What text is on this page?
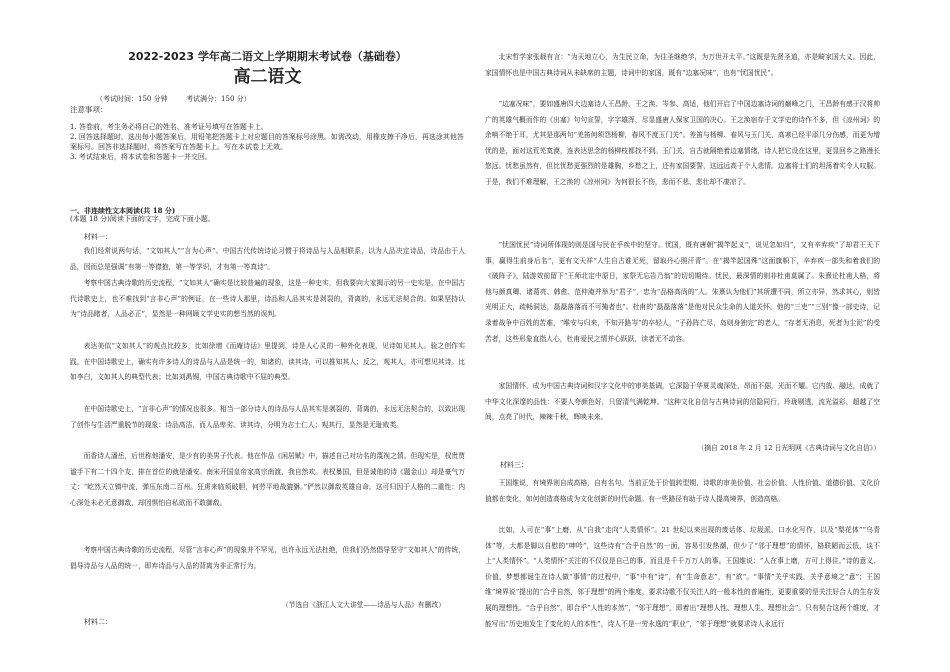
2022-2023 学年高二语文上学期期末考试卷（基础卷）
高二语文
（考试时间：150 分钟	考试满分：150 分）
注意事项：
1. 答卷前，考生务必将自己的姓名、准考证号填写在答题卡上。
2. 回答选择题时，选出每小题答案后，用铅笔把答题卡上对应题目的答案标号涂黑。如需改动，用橡皮擦干净后，再选涂其他答案标号。回答非选择题时，将答案写在答题卡上。写在本试卷上无效。
3. 考试结束后，将本试卷和答题卡一并交回。
一、非连续性文本阅读(共 18 分)
(本题 18 分)阅读下面的文字，完成下面小题。
材料一：

我们经常说两句话，“文如其人”“言为心声”。中国古代传统诗论习惯于将诗品与人品相联系，以为人品决定诗品，诗品由于人品，因而总是强调“有第一等襟抱，第一等学识，才有第一等真诗”。

考察中国古典诗歌的历史流程，“文如其人”确实是比较普遍的现象，这是一种史实，但我要向大家揭示的另一史实是，在中国古代诗歌史上，也不难找到“言非心声”的例证，在一些诗人那里，诗品和人品其实是剥裂的，背离的，永远无法契合的。如果坚持认为“诗品睹者，人品必正”，显然是一种网顾文学史实的想当然的误判。

表达美似“文如其人”的观点比较多，比如徐增《而庵诗话》里提到，诗是人心灵的一种外化表现，见诗如见其人。验之创作实践，在中国诗歌史上，确实有许多诗人的诗品与人品是统一的，知诸的，读其诗，可以推知其人；反之，观其人，亦可想见其诗。比如李白，文如其人的典型代表；比如刘禹锡，中国古典诗歌中不屈的典型。

在中国诗歌史上，“言非心声”的情况也很多。相当一部分诗人的诗品与人品其实是剥裂的，背离的，永远无法契合的，以致出现了创作与生活严重脱节的现象：诗品高洁，而人品卑劣。读其诗，分明为志士仁人；观其行，显然是无耻败类。

而香诗人潘岳，后世称他潘安，是少有的美男子代表。他在作品《闲居赋》中，描述自己对功名的蔑视之情。但现实是，权贵贾谧手下有二十四个友，排在首位的就是潘安。南宋开国皇帝家高宗南渡，我自然欢。表权暴国，但是诚他的诗《题金山》却是豪气万丈：“屹然天立镇中流，弹压东南二百州。狂虏来临须破胆，何劳平地战貔貅。”俨然以御敌英雄自命。这可归因于人格的二重性：内心深处未必无意御敌，却因惧怕自私欲而不敢御敌。

考察中国古典诗歌的历史流程，尽管“言非心声”的现象并不罕见，也许永远无法杜绝，但我们仍然倡导坚守“文如其人”的传统，倡导诗品与人品的统一，即弃诗品与人品的背离为非正常行为。

（节选自《浙江人文大讲堂——诗品与人品》有删改）
材料二：

北宋哲学家张载有言：“为天地立心，为生民立命，为往圣继绝学，为万世开太平。”这既是先贤圣道，亦是畸家国大义。因此，家国情怀也是中国古典诗词从未缺席的主题，诗词中的家国，既有“边塞况味”，也有“忧国忧民”。

“边塞况味”，要如盛唐四大边塞诗人王昌龄、王之涣、岑参、高适，他们开启了中国边塞诗词的巅峰之门，王昌龄有感于汉将帅广的英雄气概而作的《出塞》句句宣誓，字字雄浑，尽显盛唐人保家卫国的决心。王之涣宿存于文学史的诗作不多，但《凉州词》的余响不绝于耳，尤其是那两句“羌笛何须怨杨柳，春风不度玉门关”。差笛与杨柳、春风与玉门关，高寒已经平添几分伤感，而更为增忧的是，面对这荒芜寞漠，连表达思念的杨柳枝都找不到。玉门关，自古就隔绝着边塞情绪，诗人把它设在这里，更显回乡之路漫长悠远。忧愁虽然有，但比忧愁更强烈的是雄胸，乡愁之上，还有家国要誓，这远远高于个人悲情。边塞将士们的坦荡着实令人叹服。于是，我们不难理解，王之涣的《凉州词》为何很长不伤，悲而不悲、悲壮却不凄凉了。

“忧国忧民”诗词所体现的则是国与民在乎疾中的坚守。忧国，既有唐朝“揭竿起义”，说见忽如归”，又有辛弃疾“了却君王天下事，赢得生前身后名”，更有文天祥“人生自古谁无死，留取丹心照汗青”。在“揭竿起国殊”这面旗帜下，辛弃疾一部失和着我们的《破阵子》，陆游效前留下“王师北定中原日，家祭无忘告乃翁”的切切期待。忧民，最深情的则非杜甫莫属了。朱熹论杜甫人格，将他与颜真卿、诸葛亮、韩愈、范仲淹并举为“君子”，忠为“品格高尚的”人。朱熹认为他们“其所遭不同，所立亦异，然求其心，则皆光明正大，疏畅洞达，磊磊落落而不可掩者也”。杜甫的“磊磊落落”是他对民众生命的人道关怀。他的“三吏”“三别”像一部史诗，记录着战争中百姓的苦难，“喉安与归来，不知开路岑”的卒轻人，“子孙阵亡尽，岛则身独完”的老人，“存者无消息，死者为尘泥”的受苦者，这些形象直指人心，杜甫爱民之情并心跃跃，读者无不动容。

家国情怀，成为中国古典诗词和汉字文化中的审美基调，它深隐于华夏灵魂深处，昂而不倨，光而不耀。它内敛、融达，成就了中华文化深邃的品性：不要人夸颜色好，只留清气满乾坤。“这种文化自信与古典诗词的信隐同行，玲珑剔透，流光溢彩，超越了空间，点亮了时代，辣辣千秋，辉映未来。

（摘自 2018 年 2 月 12 日光明网《古典诗词与文化自信》）
材料三：

王国维说，有境界则自成高格，自有名句。当前正处于价值转型期，诗歌的审美价值、社会价值、人性价值、道德价值、文化价值都在变化，如何创造高格成为文化创新的时代命题。有一些路径有助于诗人提高境界，创造高格。

比如，人可在“事”上磨，从“自我”走向“人类情怀”。21 世纪以来出现的废话体、垃圾派、口水化写作，以及“梨花体”“乌青体”等，大都是脚以自慰的“呻吟”，这些诗有“合乎自然”的一面，容易引发热潮，但少了“邻于理想”的情怀，格联陋而云低，谈不上“人类情怀”。“人类情怀”关注的不仅仅是自己的事，而且是千千万万人的事。王国维说：“人在事上磨，方可上得住。”诗的意义、价值、梦想都诞生在诗人做“事情”的过程中，“事”中有“诗”，有“生命意志”，有“欲”。“事情”关乎实践，关乎意境之“意”；王国维“境界说”提出的“合乎自然，邻于理想”的两个维度，要求诗歌不仅关注人的一般本性的普遍性，更要重要的是关注好合人的生存发展的理想性。“合乎自然”，即合乎“人性的本然”，“邻于理想”，即着出“理想人性、理想人生、理想社会”。只有契合这两个维度，才能写出“历史地发生了变化的人的本性”，诗人不是一劳永逸的“职业”，“邻于理想”就要求诗人永远行
